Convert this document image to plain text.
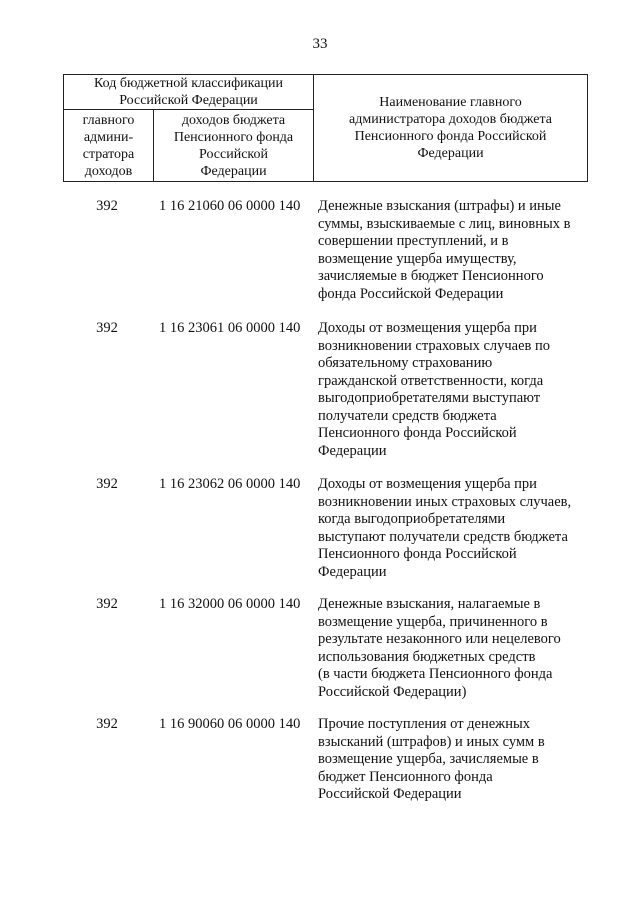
33
Код бюджетной классификации Российской Федерации		Наименование главного администратора доходов бюджета Пенсионного фонда Российской Федерации
главного админи-стратора доходов	доходов бюджета Пенсионного фонда Российской Федерации	
392	1 16 21060 06 0000 140	Денежные взыскания (штрафы) и иные
суммы, взыскиваемые с лиц, виновных в
совершении преступлений, и в
возмещение ущерба имуществу,
зачисляемые в бюджет Пенсионного
фонда Российской Федерации
392	1 16 23061 06 0000 140	Доходы от возмещения ущерба при
возникновении страховых случаев по
обязательному страхованию
гражданской ответственности, когда
выгодоприобретателями выступают
получатели средств бюджета
Пенсионного фонда Российской
Федерации
392	1 16 23062 06 0000 140	Доходы от возмещения ущерба при
возникновении иных страховых случаев,
когда выгодоприобретателями
выступают получатели средств бюджета
Пенсионного фонда Российской
Федерации
392	1 16 32000 06 0000 140	Денежные взыскания, налагаемые в
возмещение ущерба, причиненного в
результате незаконного или нецелевого
использования бюджетных средств
(в части бюджета Пенсионного фонда
Российской Федерации)
392	1 16 90060 06 0000 140	Прочие поступления от денежных
взысканий (штрафов) и иных сумм в
возмещение ущерба, зачисляемые в
бюджет Пенсионного фонда
Российской Федерации
